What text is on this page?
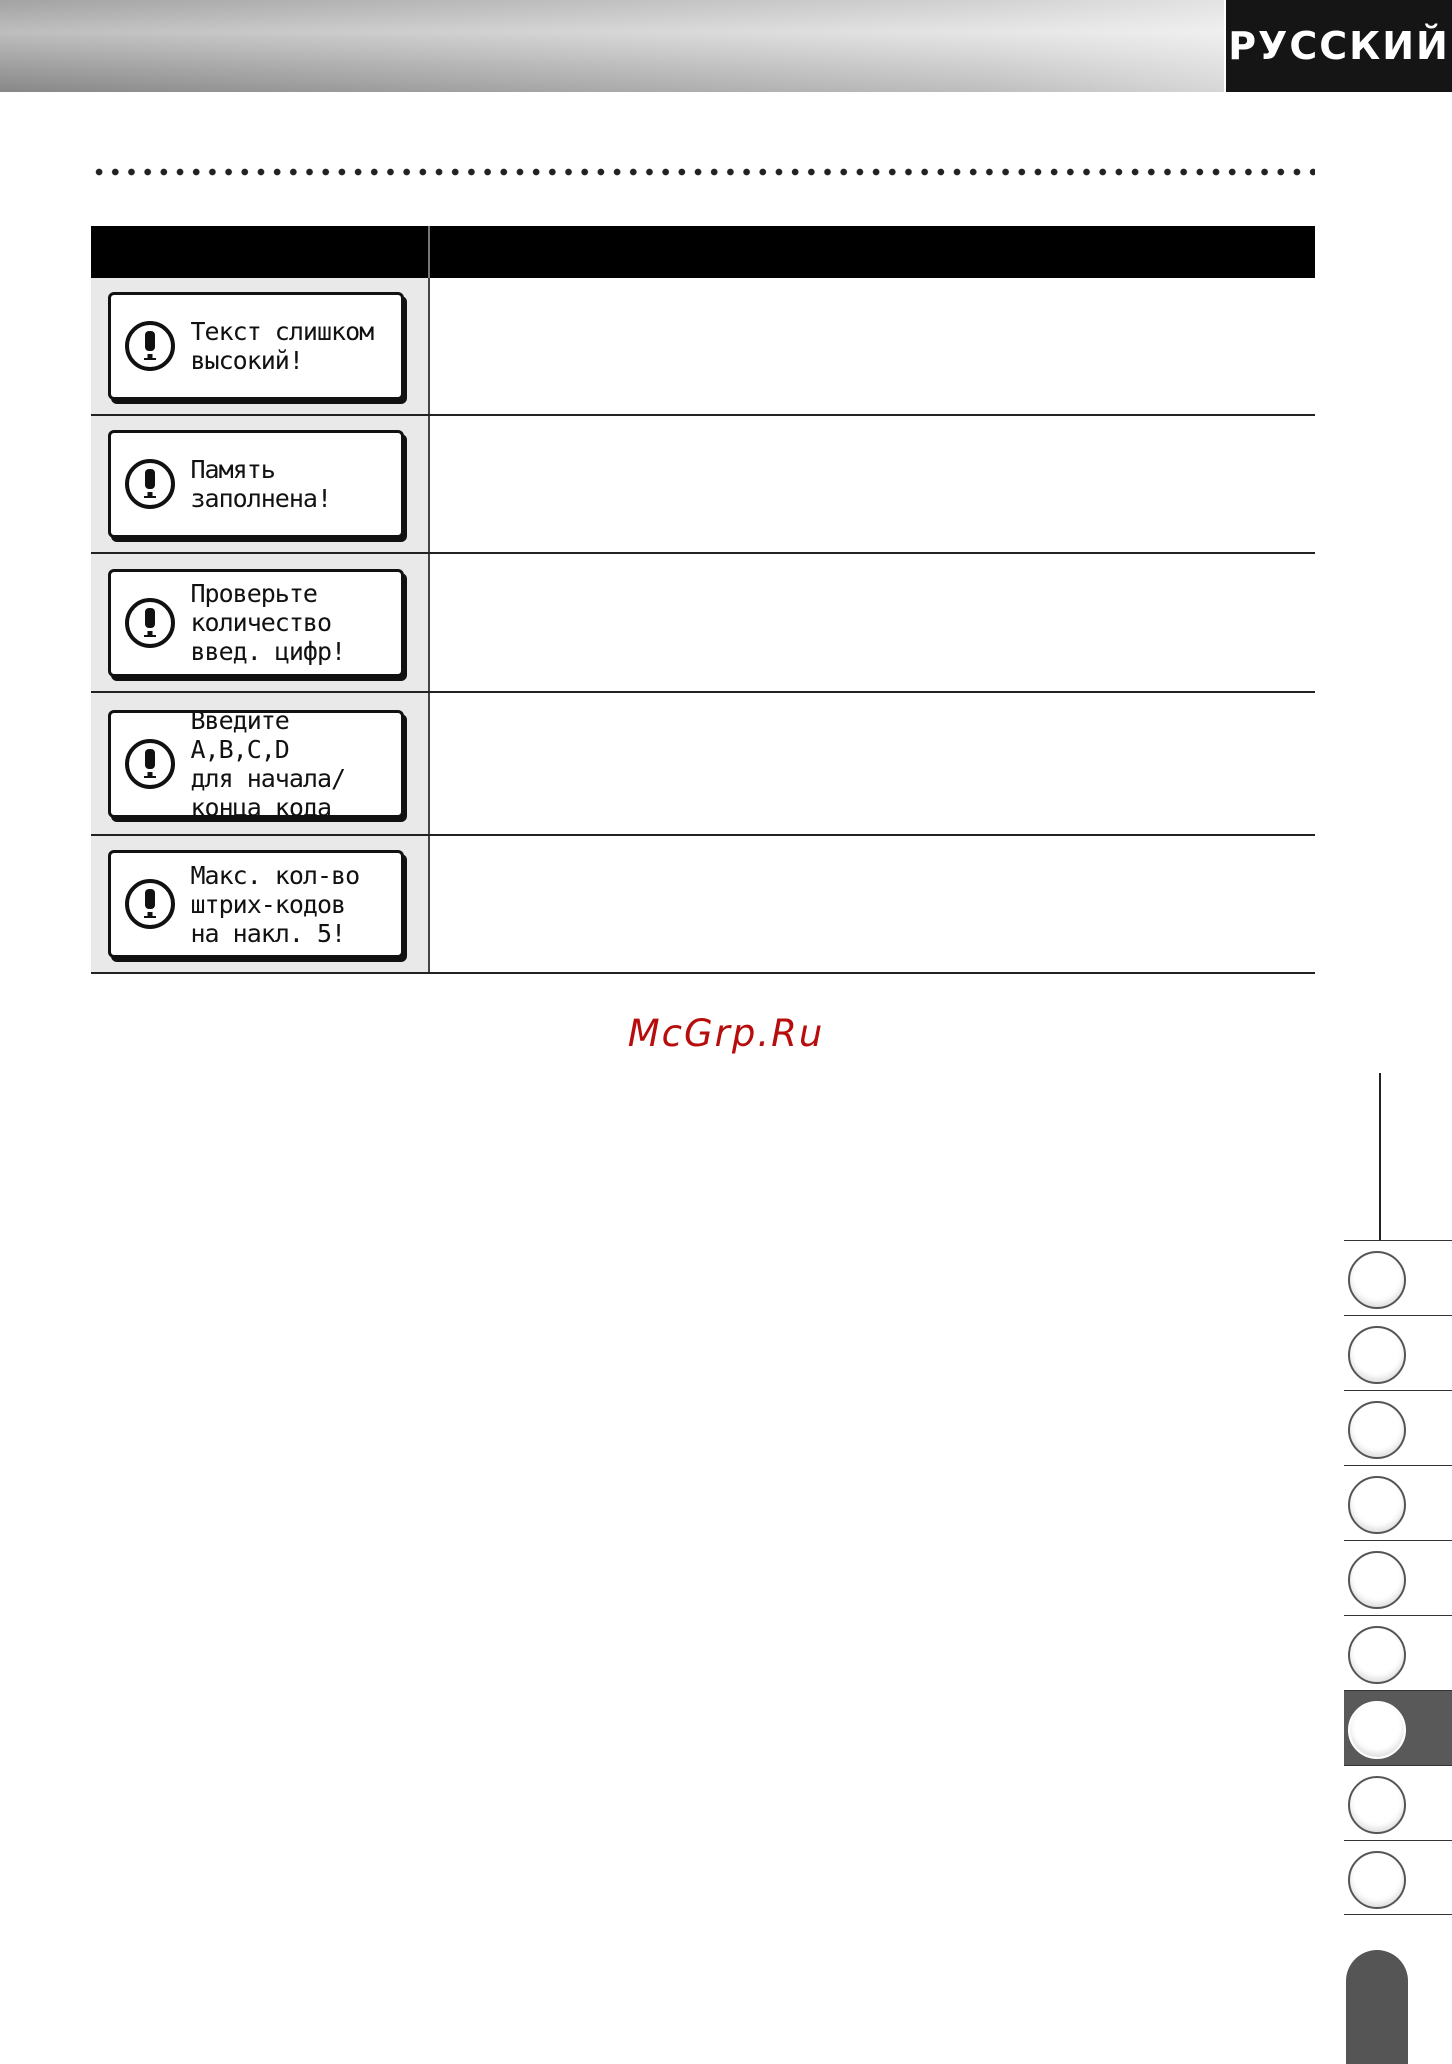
РУССКИЙ
Текст слишком
высокий!
Память
заполнена!
Проверьте
количество
введ. цифр!
Введите A,B,C,D
для начала/
конца кода
Макс. кол-во
штрих-кодов
на накл. 5!
McGrp.Ru
